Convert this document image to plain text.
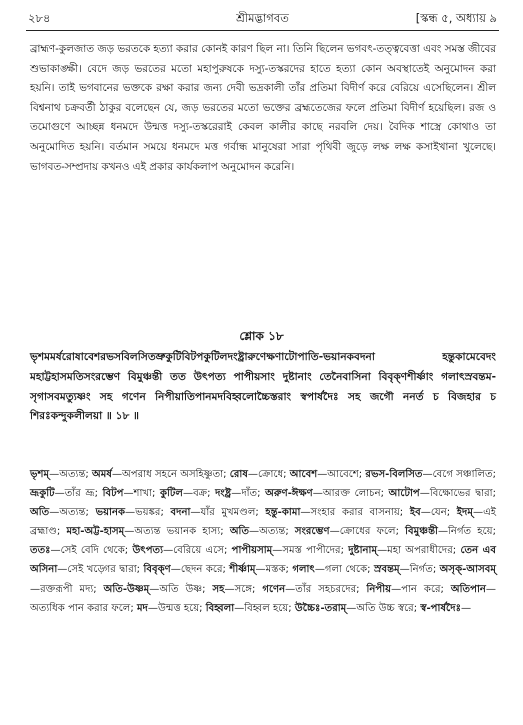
২৮৪	শ্রীমদ্ভাগবত	[স্কন্ধ ৫, অধ্যায় ৯
ব্রাহ্মণ-কুলজাত জড় ভরতকে হত্যা করার কোনই কারণ ছিল না। তিনি ছিলেন ভগবৎ-তত্ত্ববেত্তা এবং সমস্ত জীবের শুভাকাঙ্ক্ষী। বেদে জড় ভরতের মতো মহাপুরুষকে দস্যু-তস্করদের হাতে হত্যা কোন অবস্থাতেই অনুমোদন করা হয়নি। তাই ভগবানের ভক্তকে রক্ষা করার জন্য দেবী ভদ্রকালী তাঁর প্রতিমা বিদীর্ণ করে বেরিয়ে এসেছিলেন। শ্রীল বিশ্বনাথ চক্রবর্তী ঠাকুর বলেছেন যে, জড় ভরতের মতো ভক্তের ব্রহ্মতেজের ফলে প্রতিমা বিদীর্ণ হয়েছিল। রজ ও তমোগুণে আচ্ছন্ন ধনমদে উন্মত্ত দস্যু-তস্করেরাই কেবল কালীর কাছে নরবলি দেয়। বৈদিক শাস্ত্রে কোথাও তা অনুমোদিত হয়নি। বর্তমান সময়ে ধনমদে মত্ত গর্বান্ধ মানুষেরা সারা পৃথিবী জুড়ে লক্ষ লক্ষ কসাইখানা খুলেছে। ভাগবত-সম্প্রদায় কখনও এই প্রকার কার্যকলাপ অনুমোদন করেনি।
শ্লোক ১৮
ভৃশমমর্ষরোষাবেশরভসবিলসিতভ্রুকুটিবিটপকুটিলদংষ্ট্রারুণেক্ষণাটোপাতি-ভয়ানকবদনা হন্তুকামেবেদং মহাট্টহাসমতিসংরম্ভেণ বিমুঞ্চন্তী তত উৎপত্য পাপীয়সাং দুষ্টানাং তেনৈবাসিনা বিবৃক্ণশীর্ষ্ণাং গলাৎস্রবন্তম-সৃগাসবমত্যুষ্ণং সহ গণেন নিপীয়াতিপানমদবিহ্বলোচ্চৈস্তরাং স্বপার্ষদৈঃ সহ জগৌ ননর্ত চ বিজহার চ শিরঃকন্দুকলীলয়া ॥ ১৮ ॥
ভৃশম্—অত্যন্ত; অমর্ষ—অপরাধ সহনে অসহিষ্ণুতা; রোষ—ক্রোধে; আবেশ—আবেশে; রভস-বিলসিত—বেগে সঞ্চালিত; ভ্রূকুটি—তাঁর ভ্রূ; বিটপ—শাখা; কুটিল—বক্র; দংষ্ট্র—দাঁত; অরুণ-ঈক্ষণ—আরক্ত লোচন; আটোপ—বিক্ষোভের দ্বারা; অতি—অত্যন্ত; ভয়ানক—ভয়ঙ্কর; বদনা—যাঁর মুখমণ্ডল; হন্তু-কামা—সংহার করার বাসনায়; ইব—যেন; ইদম্—এই ব্রহ্মাণ্ড; মহা-অট্ট-হাসম্—অত্যন্ত ভয়ানক হাস্য; অতি—অত্যন্ত; সংরম্ভেণ—ক্রোধের ফলে; বিমুঞ্চন্তী—নির্গত হয়ে; ততঃ—সেই বেদি থেকে; উৎপত্য—বেরিয়ে এসে; পাপীয়সাম্—সমস্ত পাপীদের; দুষ্টানাম্—মহা অপরাধীদের; তেন এব অসিনা—সেই খড়্গের দ্বারা; বিবৃক্ণ—ছেদন করে; শীর্ষ্ণাম্—মস্তক; গলাৎ—গলা থেকে; স্রবন্তম্—নির্গত; অসৃক্-আসবম্—রক্তরূপী মদ্য; অতি-উষ্ণম্—অতি উষ্ণ; সহ—সঙ্গে; গণেন—তাঁর সহচরদের; নিপীয়—পান করে; অতিপান—অত্যধিক পান করার ফলে; মদ—উন্মত্ত হয়ে; বিহ্বলা—বিহ্বল হয়ে; উচ্চৈঃ-তরাম্—অতি উচ্চ স্বরে; স্ব-পার্ষদৈঃ—
